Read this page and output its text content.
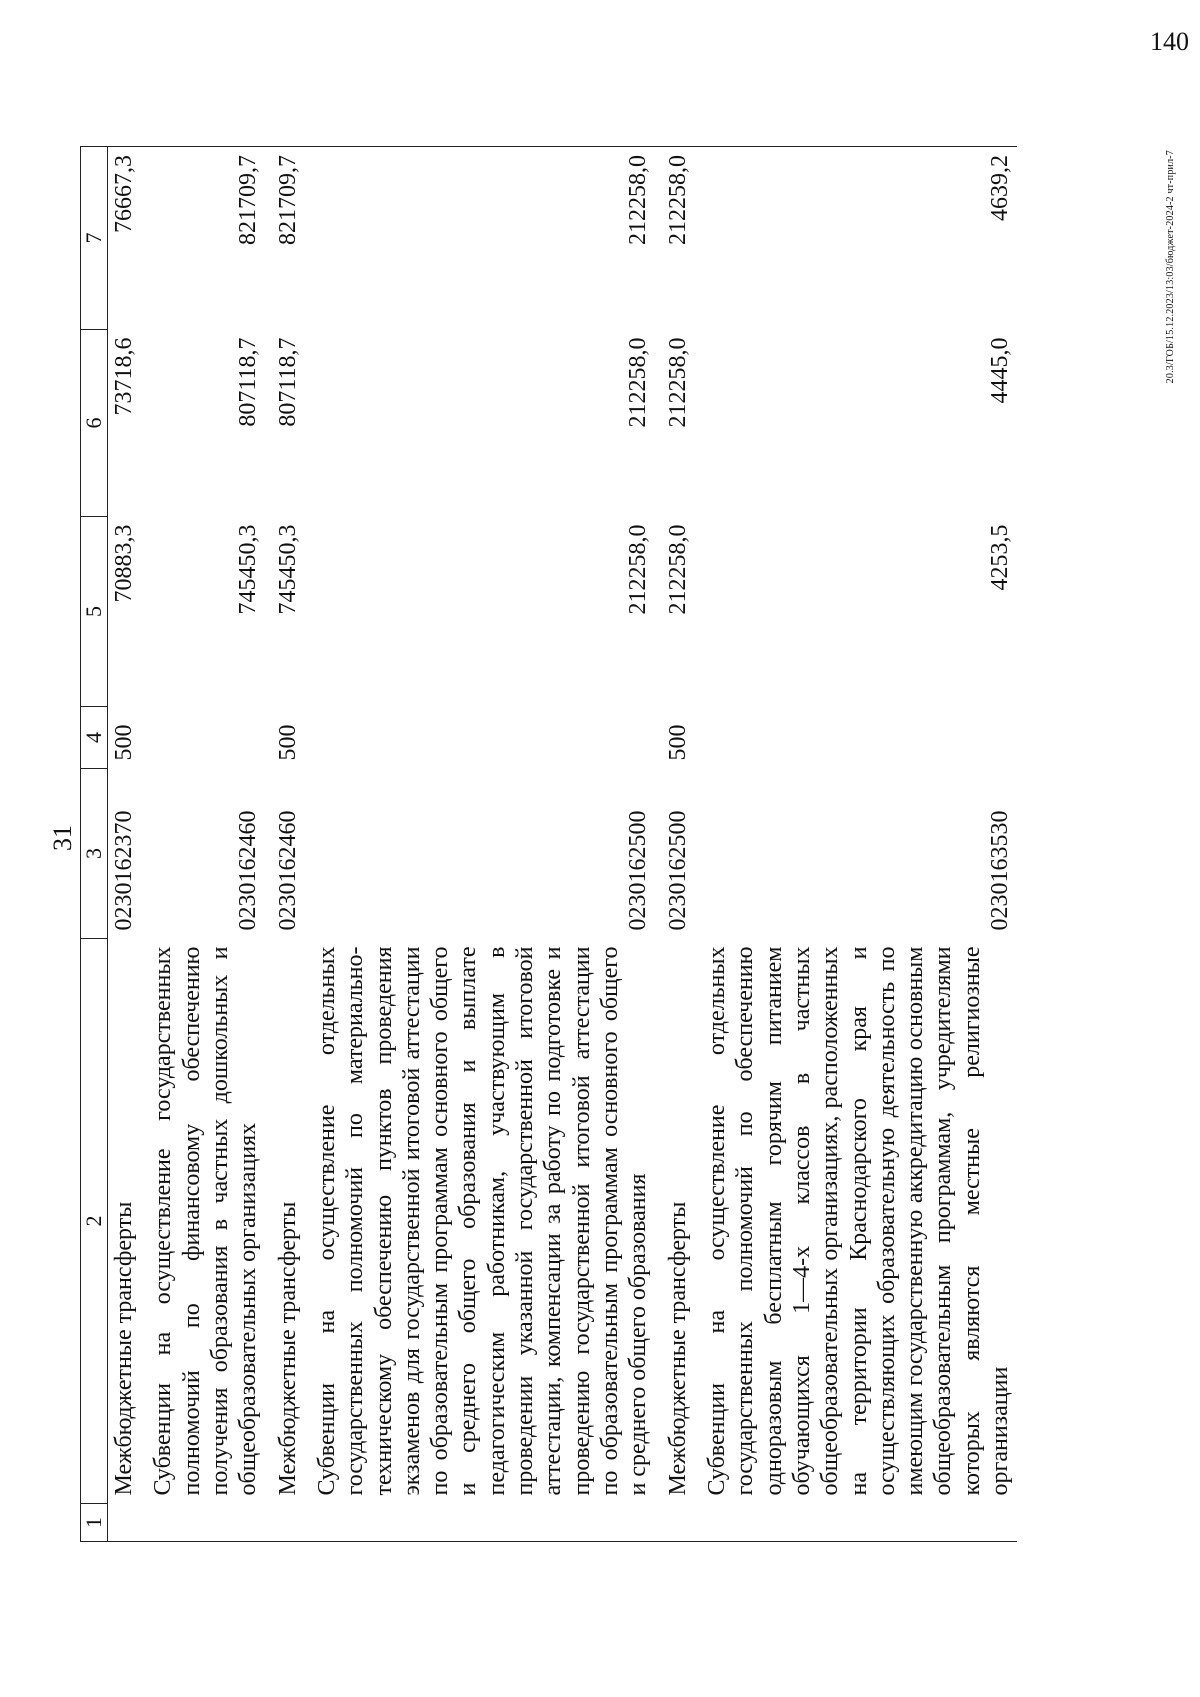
31
1	2	3	4	5	6	7
	Межбюджетные трансферты	0230162370	500	70883,3	73718,6	76667,3

	Субвенции на осуществление государственных полномочий по финансовому обеспечению получения образования в частных дошкольных и общеобразовательных организациях	0230162460		745450,3	807118,7	821709,7

	Межбюджетные трансферты	0230162460	500	745450,3	807118,7	821709,7

	Субвенции на осуществление отдельных государственных полномочий по материально-техническому обеспечению пунктов проведения экзаменов для государственной итоговой аттестации по образовательным программам основного общего и среднего общего образования и выплате педагогическим работникам, участвующим в проведении указанной государственной итоговой аттестации, компенсации за работу по подготовке и проведению государственной итоговой аттестации по образовательным программам основного общего и среднего общего образования	0230162500		212258,0	212258,0	212258,0

	Межбюджетные трансферты	0230162500	500	212258,0	212258,0	212258,0

	Субвенции на осуществление отдельных государственных полномочий по обеспечению одноразовым бесплатным горячим питанием обучающихся 1—4-х классов в частных общеобразовательных организациях, расположенных на территории Краснодарского края и осуществляющих образовательную деятельность по имеющим государственную аккредитацию основным общеобразовательным программам, учредителями которых являются местные религиозные организации	0230163530		4253,5	4445,0	4639,2	20.3/ГОБ/15.12.2023/13:03/бюджет-2024-2 чт-прил-7
140
